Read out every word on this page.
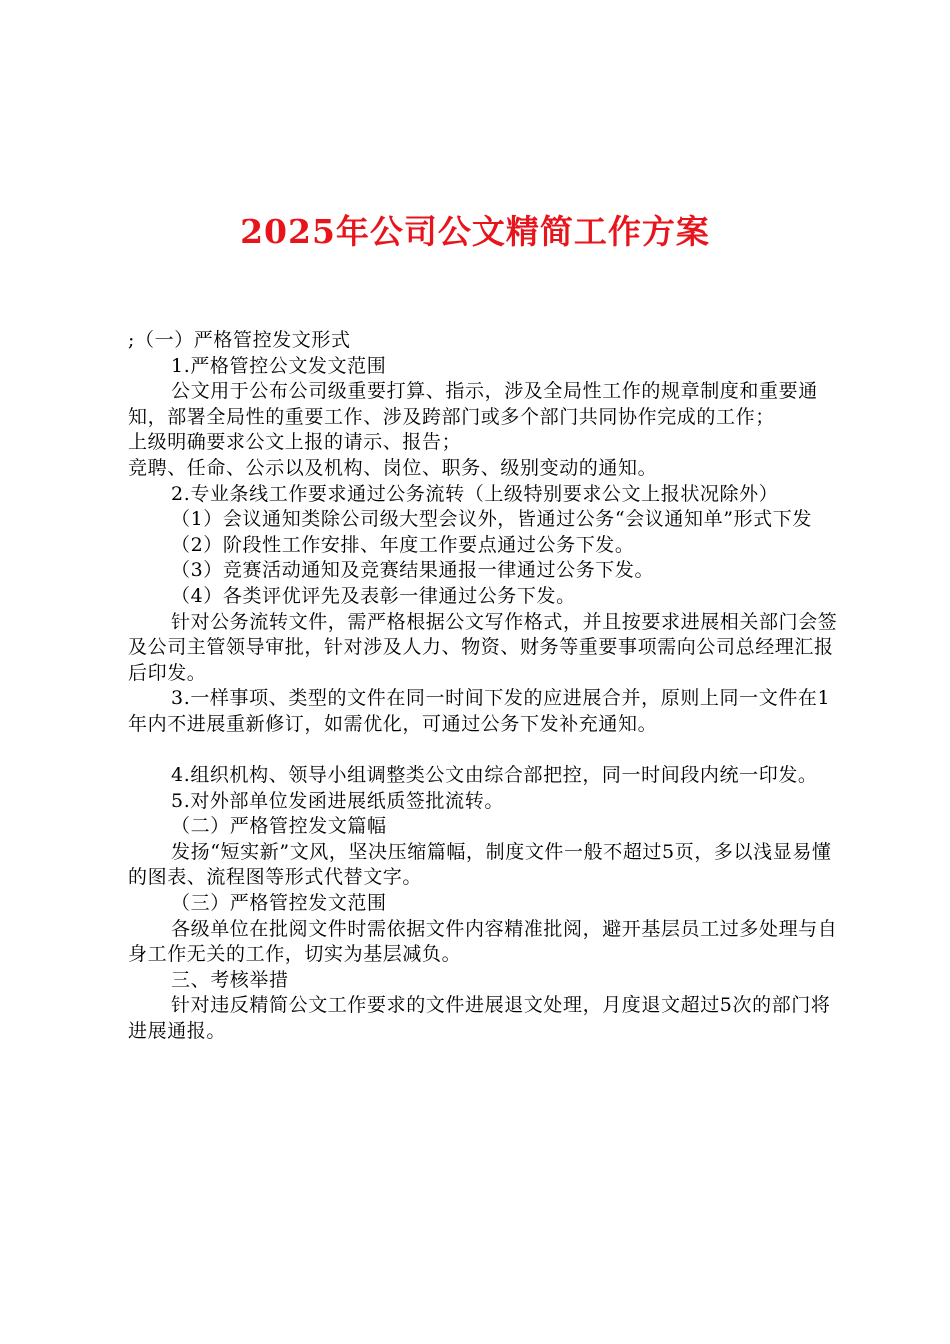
2025年公司公文精简工作方案

;（一）严格管控发文形式

1.严格管控公文发文范围

公文用于公布公司级重要打算、指示，涉及全局性工作的规章制度和重要通知，部署全局性的重要工作、涉及跨部门或多个部门共同协作完成的工作；

上级明确要求公文上报的请示、报告；

竞聘、任命、公示以及机构、岗位、职务、级别变动的通知。

2.专业条线工作要求通过公务流转（上级特别要求公文上报状况除外）

（1）会议通知类除公司级大型会议外，皆通过公务“会议通知单”形式下发

（2）阶段性工作安排、年度工作要点通过公务下发。

（3）竞赛活动通知及竞赛结果通报一律通过公务下发。

（4）各类评优评先及表彰一律通过公务下发。

针对公务流转文件，需严格根据公文写作格式，并且按要求进展相关部门会签及公司主管领导审批，针对涉及人力、物资、财务等重要事项需向公司总经理汇报后印发。

3.一样事项、类型的文件在同一时间下发的应进展合并，原则上同一文件在1年内不进展重新修订，如需优化，可通过公务下发补充通知。

4.组织机构、领导小组调整类公文由综合部把控，同一时间段内统一印发。

5.对外部单位发函进展纸质签批流转。

（二）严格管控发文篇幅

发扬“短实新”文风，坚决压缩篇幅，制度文件一般不超过5页，多以浅显易懂的图表、流程图等形式代替文字。

（三）严格管控发文范围

各级单位在批阅文件时需依据文件内容精准批阅，避开基层员工过多处理与自身工作无关的工作，切实为基层减负。

三、考核举措

针对违反精简公文工作要求的文件进展退文处理，月度退文超过5次的部门将进展通报。
